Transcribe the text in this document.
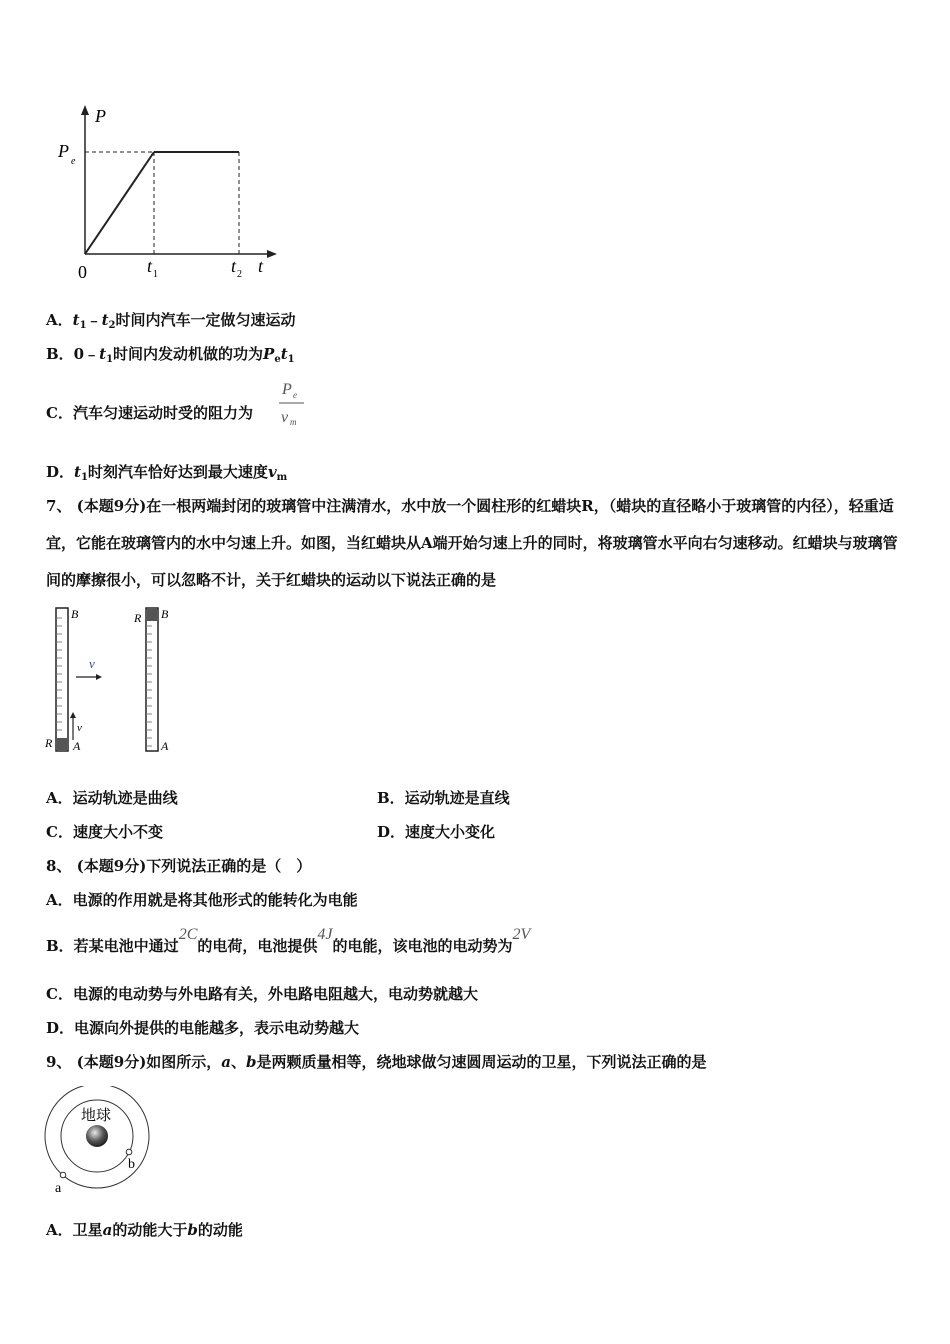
P
P
e
0	t 1	t 2 t
A．$t_1﹣t_2$时间内汽车一定做匀速运动
B．$0﹣t_1$时间内发动机做的功为$P_et_1$
C．汽车匀速运动时受的阻力为
P e
v m
D．$t_1$时刻汽车恰好达到最大速度$v_m$
7、 (本题9分)在一根两端封闭的玻璃管中注满清水，水中放一个圆柱形的红蜡块R，（蜡块的直径略小于玻璃管的内径），轻重适宜，它能在玻璃管内的水中匀速上升。如图，当红蜡块从A端开始匀速上升的同时，将玻璃管水平向右匀速移动。红蜡块与玻璃管间的摩擦很小，可以忽略不计，关于红蜡块的运动以下说法正确的是
B
A
R
v
v
B
R
A
A．运动轨迹是曲线	B．运动轨迹是直线
C．速度大小不变	D．速度大小变化
8、 (本题9分)下列说法正确的是（　）
A．电源的作用就是将其他形式的能转化为电能
B．若某电池中通过2C的电荷，电池提供4J的电能，该电池的电动势为2V
C．电源的电动势与外电路有关，外电路电阻越大，电动势就越大
D．电源向外提供的电能越多，表示电动势越大
9、 (本题9分)如图所示，a、b是两颗质量相等，绕地球做匀速圆周运动的卫星，下列说法正确的是
地球
b
a
A．卫星a的动能大于b的动能
